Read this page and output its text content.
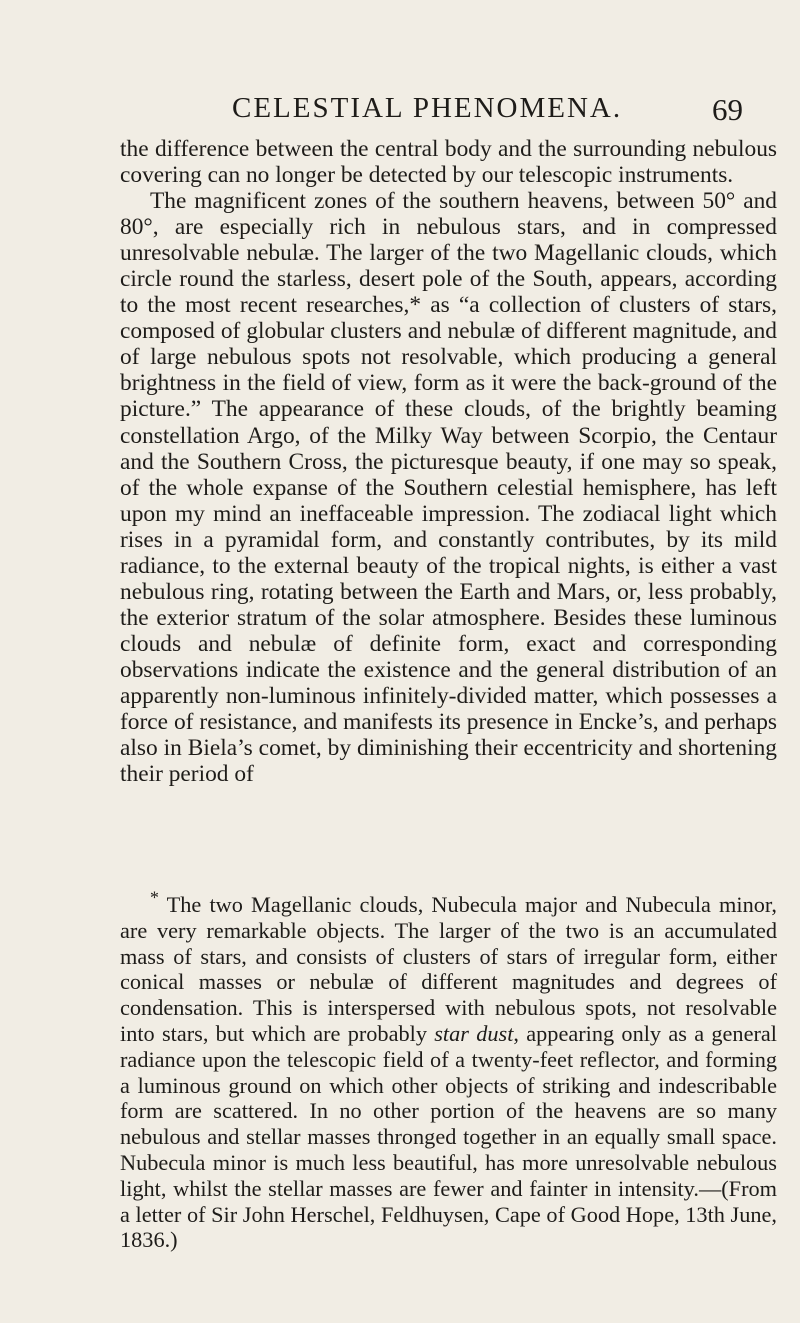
CELESTIAL PHENOMENA.	69

the difference between the central body and the surrounding nebulous covering can no longer be detected by our telescopic instruments.

The magnificent zones of the southern heavens, between 50° and 80°, are especially rich in nebulous stars, and in compressed unresolvable nebulæ. The larger of the two Magellanic clouds, which circle round the starless, desert pole of the South, appears, according to the most recent researches,* as “a collection of clusters of stars, composed of globular clusters and nebulæ of different magnitude, and of large nebulous spots not resolvable, which producing a general brightness in the field of view, form as it were the back-ground of the picture.” The appearance of these clouds, of the brightly beaming constellation Argo, of the Milky Way between Scorpio, the Centaur and the Southern Cross, the picturesque beauty, if one may so speak, of the whole expanse of the Southern celestial hemisphere, has left upon my mind an ineffaceable impression. The zodiacal light which rises in a pyramidal form, and constantly contributes, by its mild radiance, to the external beauty of the tropical nights, is either a vast nebulous ring, rotating between the Earth and Mars, or, less probably, the exterior stratum of the solar atmosphere. Besides these luminous clouds and nebulæ of definite form, exact and corresponding observations indicate the existence and the general distribution of an apparently non-luminous infinitely-divided matter, which possesses a force of resistance, and manifests its presence in Encke’s, and perhaps also in Biela’s comet, by diminishing their eccentricity and shortening their period of

* The two Magellanic clouds, Nubecula major and Nubecula minor, are very remarkable objects. The larger of the two is an accumulated mass of stars, and consists of clusters of stars of irregular form, either conical masses or nebulæ of different magnitudes and degrees of condensation. This is interspersed with nebulous spots, not resolvable into stars, but which are probably star dust, appearing only as a general radiance upon the telescopic field of a twenty-feet reflector, and forming a luminous ground on which other objects of striking and indescribable form are scattered. In no other portion of the heavens are so many nebulous and stellar masses thronged together in an equally small space. Nubecula minor is much less beautiful, has more unresolvable nebulous light, whilst the stellar masses are fewer and fainter in intensity.—(From a letter of Sir John Herschel, Feldhuysen, Cape of Good Hope, 13th June, 1836.)
